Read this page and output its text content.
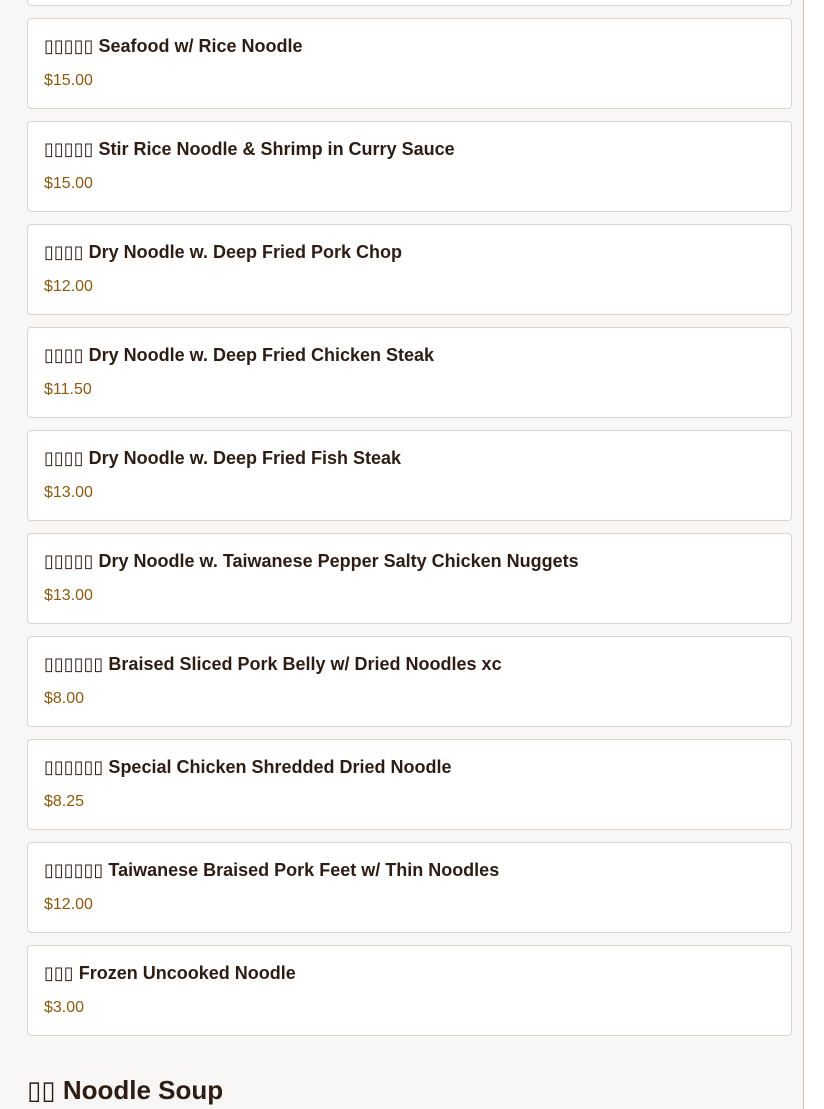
▯▯▯▯▯ Seafood w/ Rice Noodle
$15.00
▯▯▯▯▯ Stir Rice Noodle & Shrimp in Curry Sauce
$15.00
▯▯▯▯ Dry Noodle w. Deep Fried Pork Chop
$12.00
▯▯▯▯ Dry Noodle w. Deep Fried Chicken Steak
$11.50
▯▯▯▯ Dry Noodle w. Deep Fried Fish Steak
$13.00
▯▯▯▯▯ Dry Noodle w. Taiwanese Pepper Salty Chicken Nuggets
$13.00
▯▯▯▯▯▯ Braised Sliced Pork Belly w/ Dried Noodles xc
$8.00
▯▯▯▯▯▯ Special Chicken Shredded Dried Noodle
$8.25
▯▯▯▯▯▯ Taiwanese Braised Pork Feet w/ Thin Noodles
$12.00
▯▯▯ Frozen Uncooked Noodle
$3.00
▯▯ Noodle Soup
